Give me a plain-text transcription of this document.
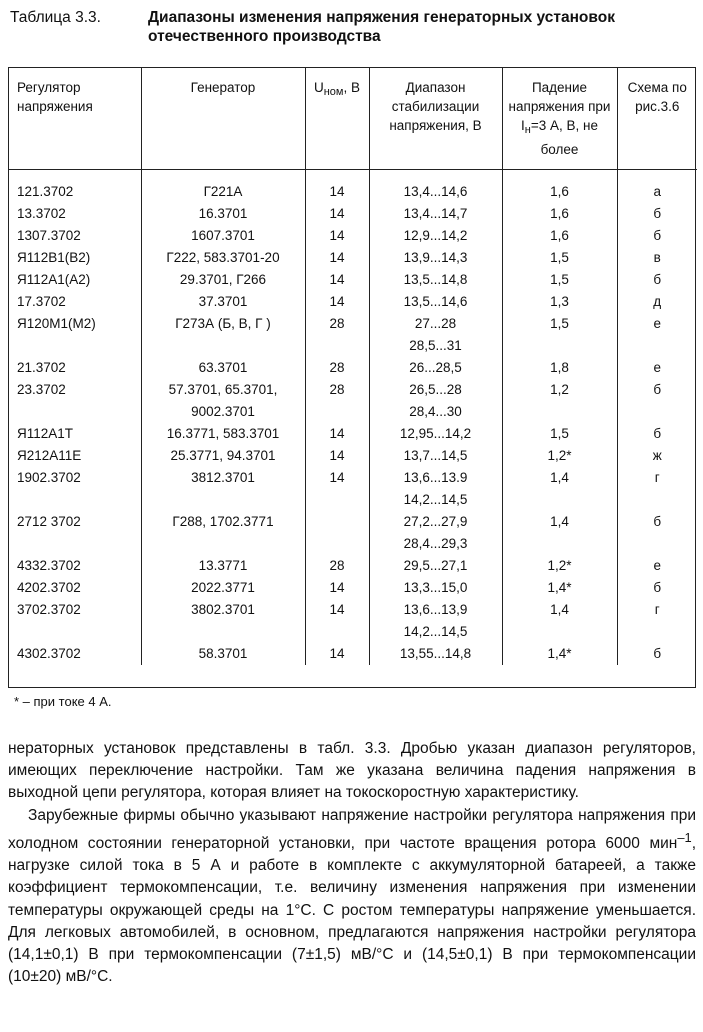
Таблица 3.3.	Диапазоны изменения напряжения генераторных установок отечественного производства
Регулятор напряжения	Генератор	$U_{ном}$, В	Диапазон стабилизации напряжения, В	Падение напряжения при $I_н=3$ А, В, не более	Схема по рис.3.6
121.3702	Г221А	14	13,4...14,6	1,6	а
13.3702	16.3701	14	13,4...14,7	1,6	б
1307.3702	1607.3701	14	12,9...14,2	1,6	б
Я112В1(В2)	Г222, 583.3701-20	14	13,9...14,3	1,5	в
Я112А1(А2)	29.3701, Г266	14	13,5...14,8	1,5	б
17.3702	37.3701	14	13,5...14,6	1,3	д
Я120М1(М2)	Г273А (Б, В, Г )	28	27...28	1,5	е
			28,5...31		
21.3702	63.3701	28	26...28,5	1,8	е
23.3702	57.3701, 65.3701,	28	26,5...28	1,2	б
	9002.3701		28,4...30		
Я112А1Т	16.3771, 583.3701	14	12,95...14,2	1,5	б
Я212А11Е	25.3771, 94.3701	14	13,7...14,5	1,2*	ж
1902.3702	3812.3701	14	13,6...13.9	1,4	г
			14,2...14,5		
2712 3702	Г288, 1702.3771		27,2...27,9	1,4	б
			28,4...29,3		
4332.3702	13.3771	28	29,5...27,1	1,2*	е
4202.3702	2022.3771	14	13,3...15,0	1,4*	б
3702.3702	3802.3701	14	13,6...13,9	1,4	г
			14,2...14,5		
4302.3702	58.3701	14	13,55...14,8	1,4*	б
* – при токе 4 А.

нераторных установок представлены в табл. 3.3. Дробью указан диапазон регуляторов, имеющих переключение настройки. Там же указана величина падения напряжения в выходной цепи регулятора, которая влияет на токоскоростную характеристику.

Зарубежные фирмы обычно указывают напряжение настройки регулятора напряжения при холодном состоянии генераторной установки, при частоте вращения ротора 6000 мин$^{-1}$, нагрузке силой тока в 5 А и работе в комплекте с аккумуляторной батареей, а также коэффициент термокомпенсации, т.е. величину изменения напряжения при изменении температуры окружающей среды на 1°С. С ростом температуры напряжение уменьшается. Для легковых автомобилей, в основном, предлагаются напряжения настройки регулятора (14,1±0,1) В при термокомпенсации (7±1,5) мВ/°С и (14,5±0,1) В при термокомпенсации (10±20) мВ/°С.
